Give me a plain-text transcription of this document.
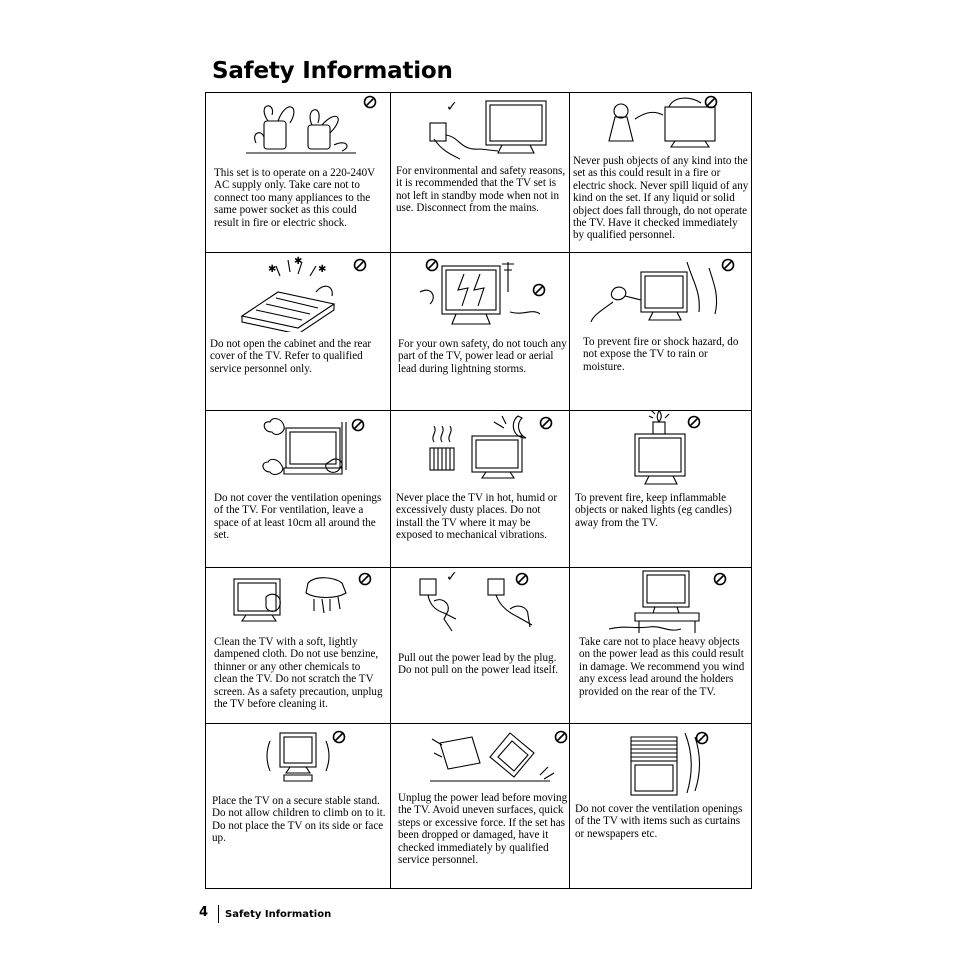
Safety Information

This set is to operate on a 220-240V AC supply only. Take care not to connect too many appliances to the same power socket as this could result in fire or electric shock.

✓

For environmental and safety reasons, it is recommended that the TV set is not left in standby mode when not in use. Disconnect from the mains.

Never push objects of any kind into the set as this could result in a fire or electric shock. Never spill liquid of any kind on the set. If any liquid or solid object does fall through, do not operate the TV. Have it checked immediately by qualified personnel.

✱
✱
✱

Do not open the cabinet and the rear cover of the TV. Refer to qualified service personnel only.

For your own safety, do not touch any part of the TV, power lead or aerial lead during lightning storms.

To prevent fire or shock hazard, do not expose the TV to rain or moisture.

Do not cover the ventilation openings of the TV. For ventilation, leave a space of at least 10cm all around the set.

Never place the TV in hot, humid or excessively dusty places. Do not install the TV where it may be exposed to mechanical vibrations.

To prevent fire, keep inflammable objects or naked lights (eg candles) away from the TV.

Clean the TV with a soft, lightly dampened cloth. Do not use benzine, thinner or any other chemicals to clean the TV. Do not scratch the TV screen. As a safety precaution, unplug the TV before cleaning it.

✓

Pull out the power lead by the plug. Do not pull on the power lead itself.

Take care not to place heavy objects on the power lead as this could result in damage. We recommend you wind any excess lead around the holders provided on the rear of the TV.

Place the TV on a secure stable stand. Do not allow children to climb on to it. Do not place the TV on its side or face up.

Unplug the power lead before moving the TV. Avoid uneven surfaces, quick steps or excessive force. If the set has been dropped or damaged, have it checked immediately by qualified service personnel.

Do not cover the ventilation openings of the TV with items such as curtains or newspapers etc.

4 Safety Information
